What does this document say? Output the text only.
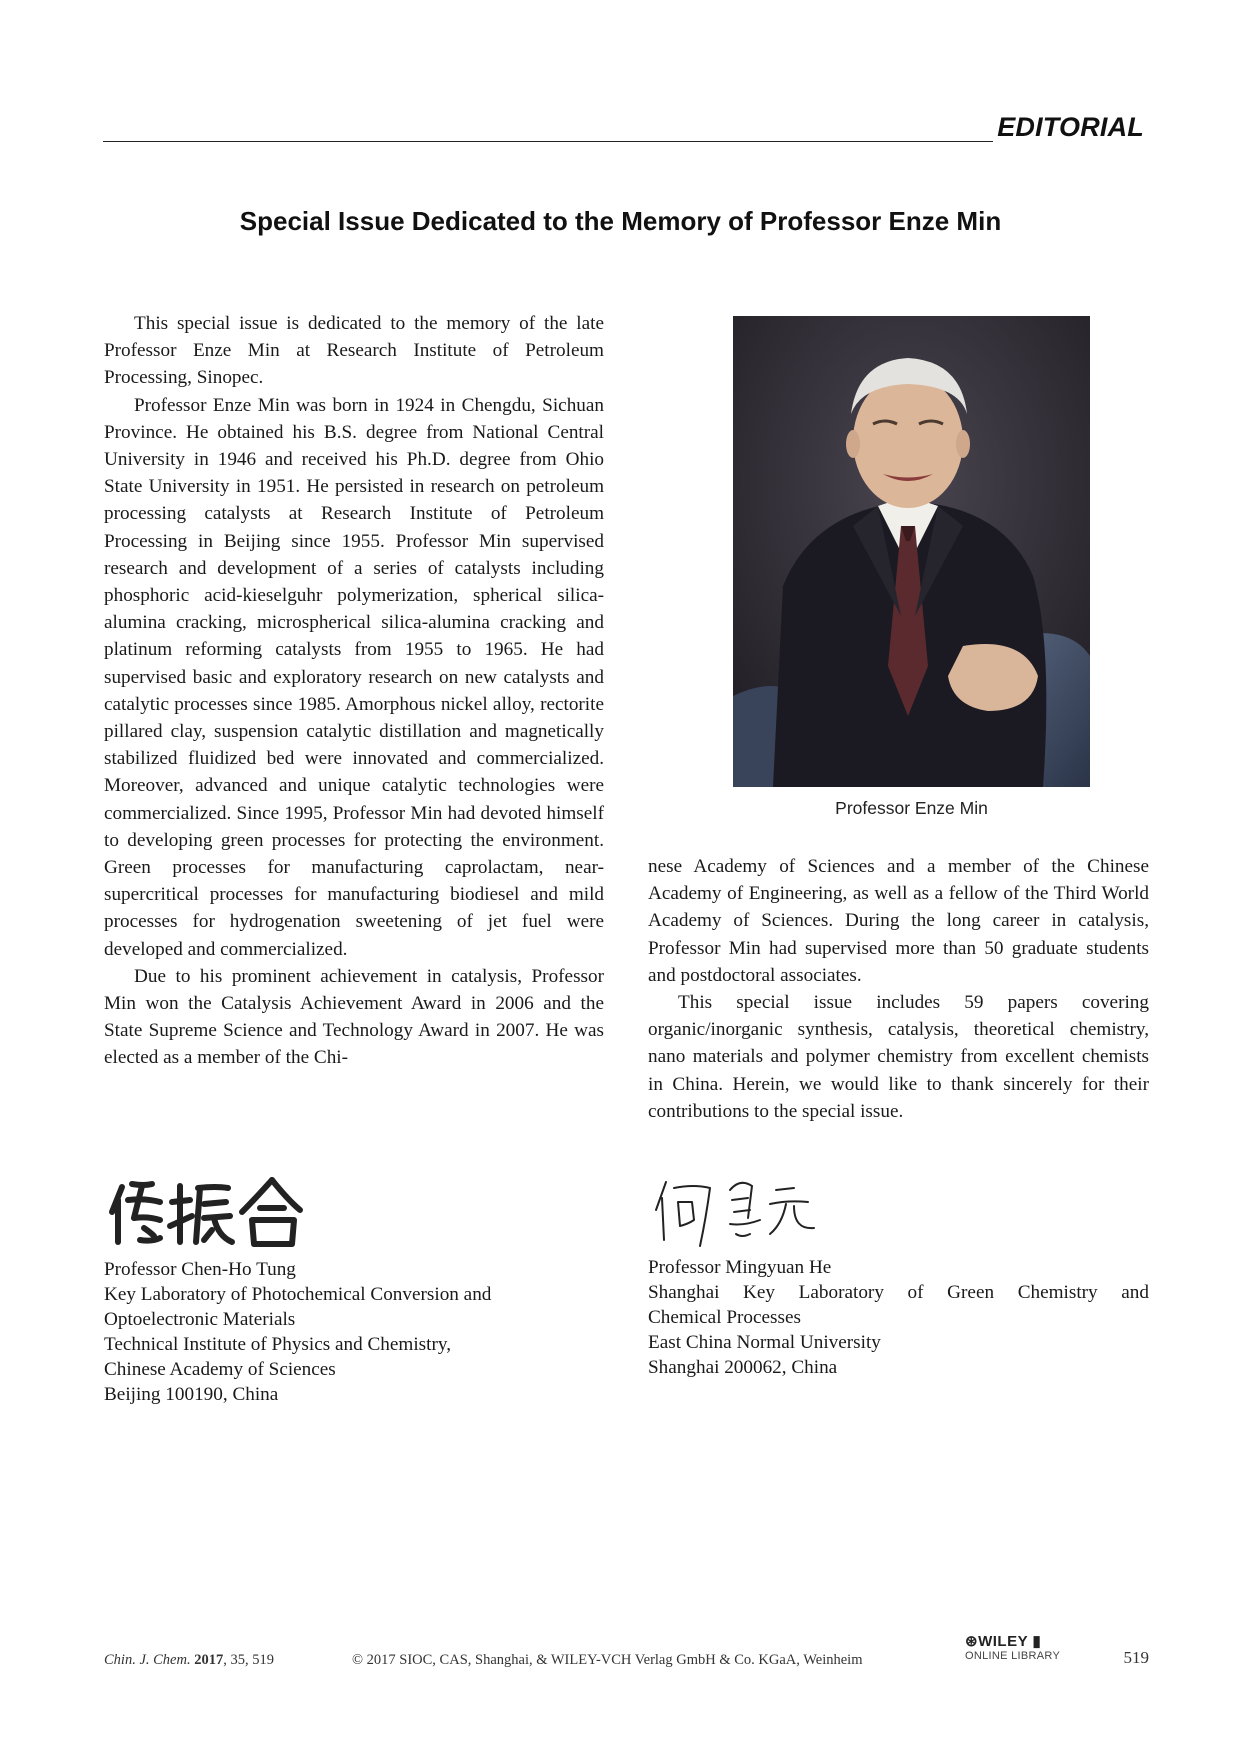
EDITORIAL
Special Issue Dedicated to the Memory of Professor Enze Min

This special issue is dedicated to the memory of the late Professor Enze Min at Research Institute of Petroleum Processing, Sinopec.

Professor Enze Min was born in 1924 in Chengdu, Sichuan Province. He obtained his B.S. degree from National Central University in 1946 and received his Ph.D. degree from Ohio State University in 1951. He persisted in research on petroleum processing catalysts at Research Institute of Petroleum Processing in Beijing since 1955. Professor Min supervised research and development of a series of catalysts including phosphoric acid-kieselguhr polymerization, spherical silica-alumina cracking, microspherical silica-alumina cracking and platinum reforming catalysts from 1955 to 1965. He had supervised basic and exploratory research on new catalysts and catalytic processes since 1985. Amorphous nickel alloy, rectorite pillared clay, suspension catalytic distillation and magnetically stabilized fluidized bed were innovated and commercialized. Moreover, advanced and unique catalytic technologies were commercialized. Since 1995, Professor Min had devoted himself to developing green processes for protecting the environment. Green processes for manufacturing caprolactam, near-supercritical processes for manufacturing biodiesel and mild processes for hydrogenation sweetening of jet fuel were developed and commercialized.

Due to his prominent achievement in catalysis, Professor Min won the Catalysis Achievement Award in 2006 and the State Supreme Science and Technology Award in 2007. He was elected as a member of the Chi-

Professor Enze Min

nese Academy of Sciences and a member of the Chinese Academy of Engineering, as well as a fellow of the Third World Academy of Sciences. During the long career in catalysis, Professor Min had supervised more than 50 graduate students and postdoctoral associates.

This special issue includes 59 papers covering organic/inorganic synthesis, catalysis, theoretical chemistry, nano materials and polymer chemistry from excellent chemists in China. Herein, we would like to thank sincerely for their contributions to the special issue.

Professor Chen-Ho Tung
Key Laboratory of Photochemical Conversion and
Optoelectronic Materials
Technical Institute of Physics and Chemistry,
Chinese Academy of Sciences
Beijing 100190, China
Professor Mingyuan He
Shanghai Key Laboratory of Green Chemistry and
Chemical Processes
East China Normal University
Shanghai 200062, China
Chin. J. Chem. 2017, 35, 519	© 2017 SIOC, CAS, Shanghai, & WILEY-VCH Verlag GmbH & Co. KGaA, Weinheim
⊛WILEY ▮
ONLINE LIBRARY	519
